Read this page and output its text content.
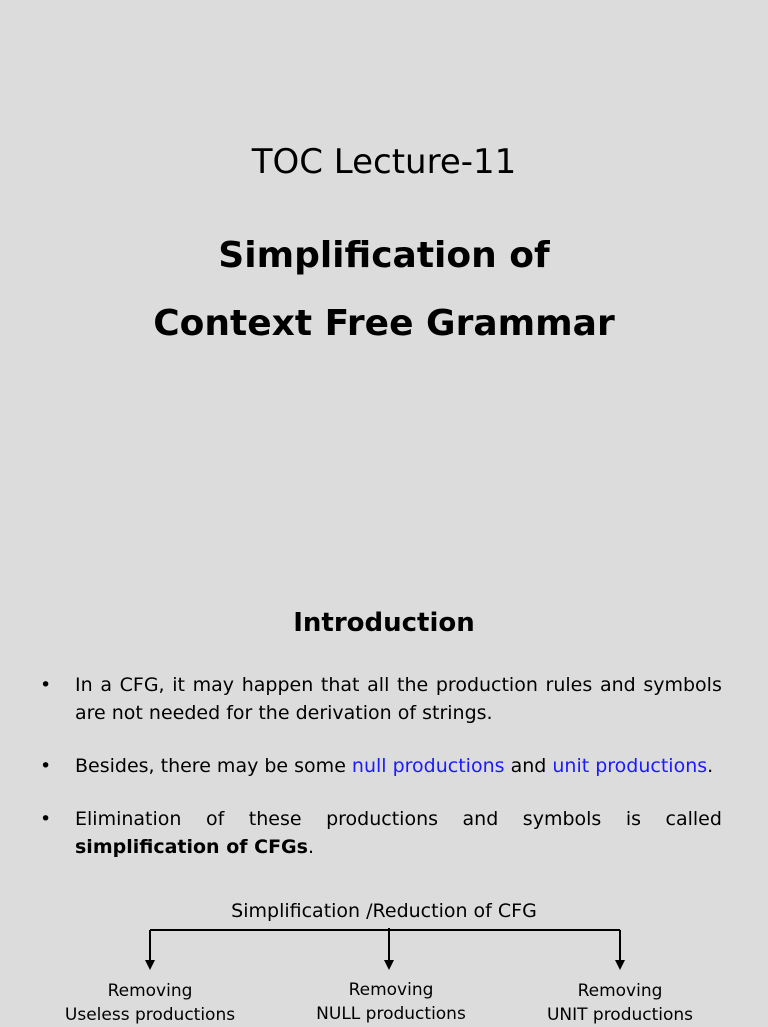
TOC Lecture-11
Simplification of
Context Free Grammar
Introduction
•	In a CFG, it may happen that all the production rules and symbols
are not needed for the derivation of strings.
•	Besides, there may be some null productions and unit productions.
•	Elimination of these productions and symbols is called
simplification of CFGs.
Simplification /Reduction of CFG
Removing
Useless productions
Removing
NULL productions
Removing
UNIT productions
